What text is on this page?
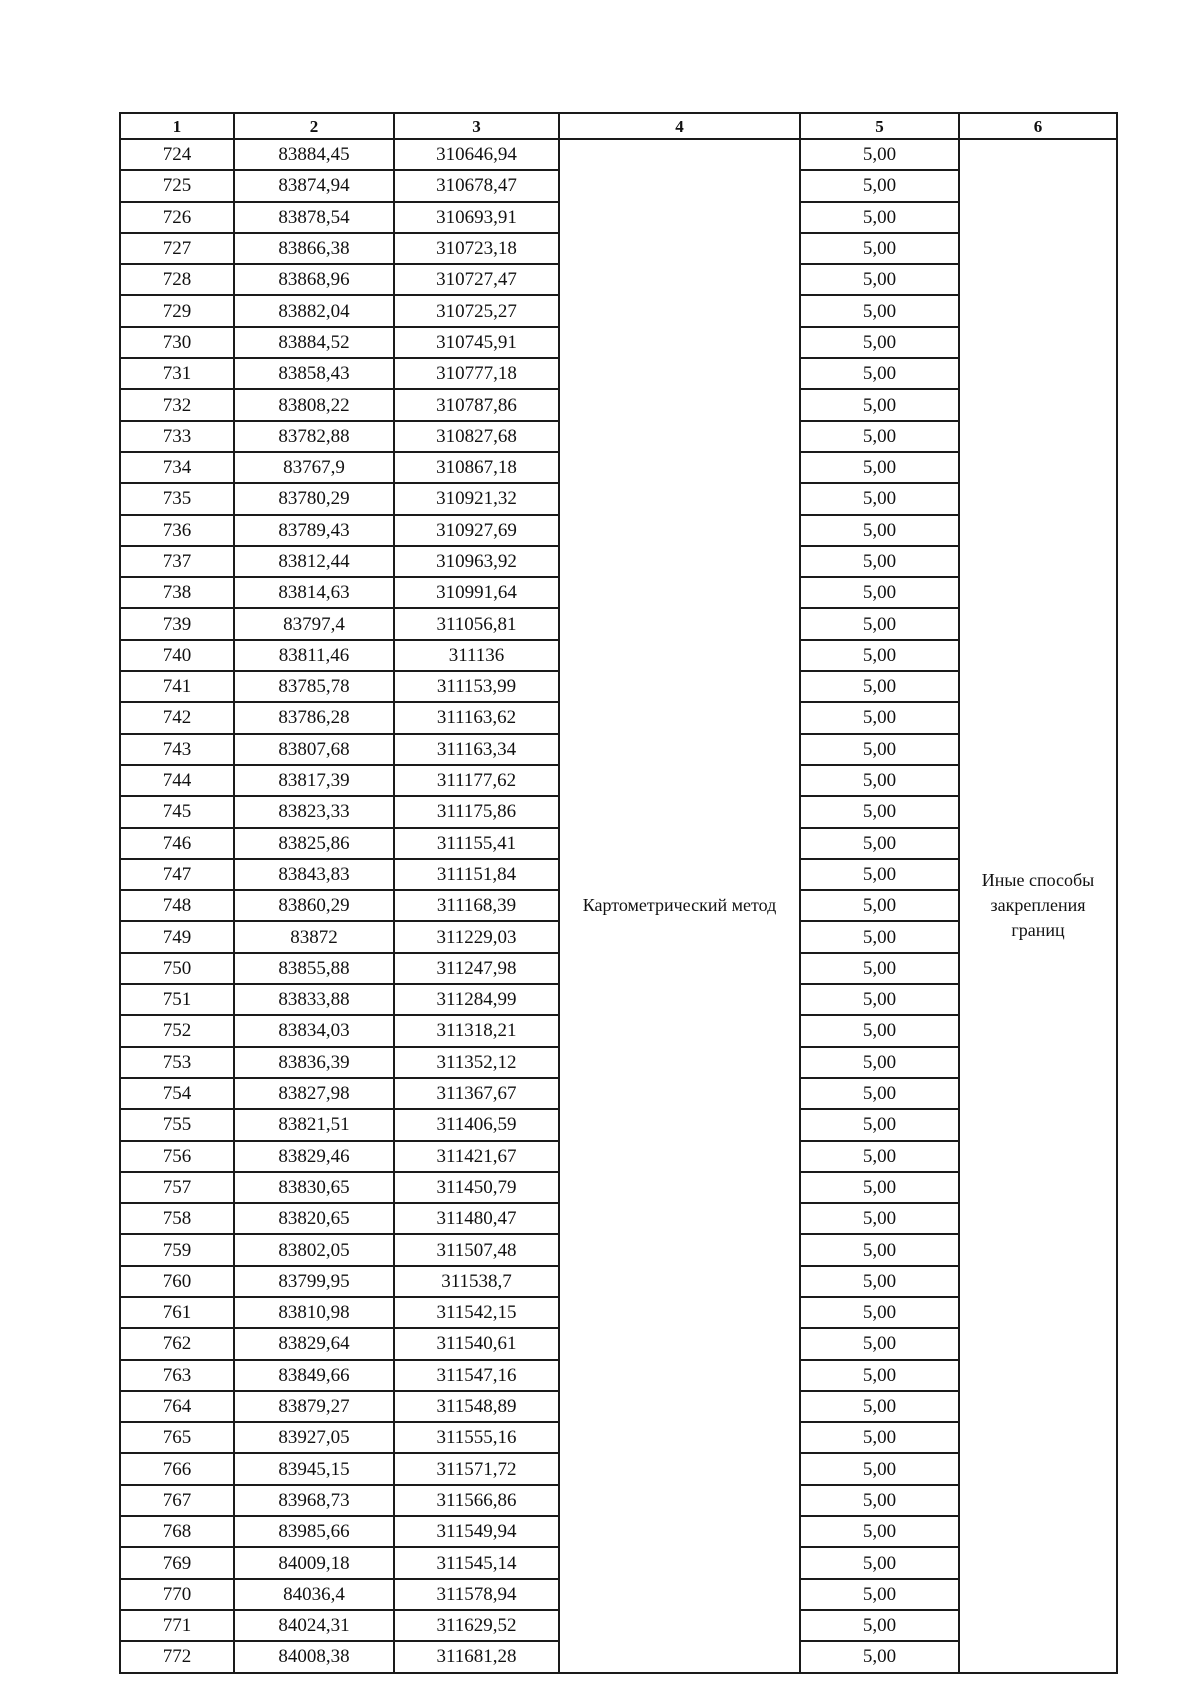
1	2	3	4	5	6
724	83884,45	310646,94	Картометрический метод	5,00	Иные способы
закрепления
границ

725	83874,94	310678,47		5,00	
726	83878,54	310693,91		5,00	
727	83866,38	310723,18		5,00	
728	83868,96	310727,47		5,00	
729	83882,04	310725,27		5,00	
730	83884,52	310745,91		5,00	
731	83858,43	310777,18		5,00	
732	83808,22	310787,86		5,00	
733	83782,88	310827,68		5,00	
734	83767,9	310867,18		5,00	
735	83780,29	310921,32		5,00	
736	83789,43	310927,69		5,00	
737	83812,44	310963,92		5,00	
738	83814,63	310991,64		5,00	
739	83797,4	311056,81		5,00	
740	83811,46	311136		5,00	
741	83785,78	311153,99		5,00	
742	83786,28	311163,62		5,00	
743	83807,68	311163,34		5,00	
744	83817,39	311177,62		5,00	
745	83823,33	311175,86		5,00	
746	83825,86	311155,41		5,00	
747	83843,83	311151,84		5,00	
748	83860,29	311168,39		5,00	
749	83872	311229,03		5,00	
750	83855,88	311247,98		5,00	
751	83833,88	311284,99		5,00	
752	83834,03	311318,21		5,00	
753	83836,39	311352,12		5,00	
754	83827,98	311367,67		5,00	
755	83821,51	311406,59		5,00	
756	83829,46	311421,67		5,00	
757	83830,65	311450,79		5,00	
758	83820,65	311480,47		5,00	
759	83802,05	311507,48		5,00	
760	83799,95	311538,7		5,00	
761	83810,98	311542,15		5,00	
762	83829,64	311540,61		5,00	
763	83849,66	311547,16		5,00	
764	83879,27	311548,89		5,00	
765	83927,05	311555,16		5,00	
766	83945,15	311571,72		5,00	
767	83968,73	311566,86		5,00	
768	83985,66	311549,94		5,00	
769	84009,18	311545,14		5,00	
770	84036,4	311578,94		5,00	
771	84024,31	311629,52		5,00	
772	84008,38	311681,28		5,00	
